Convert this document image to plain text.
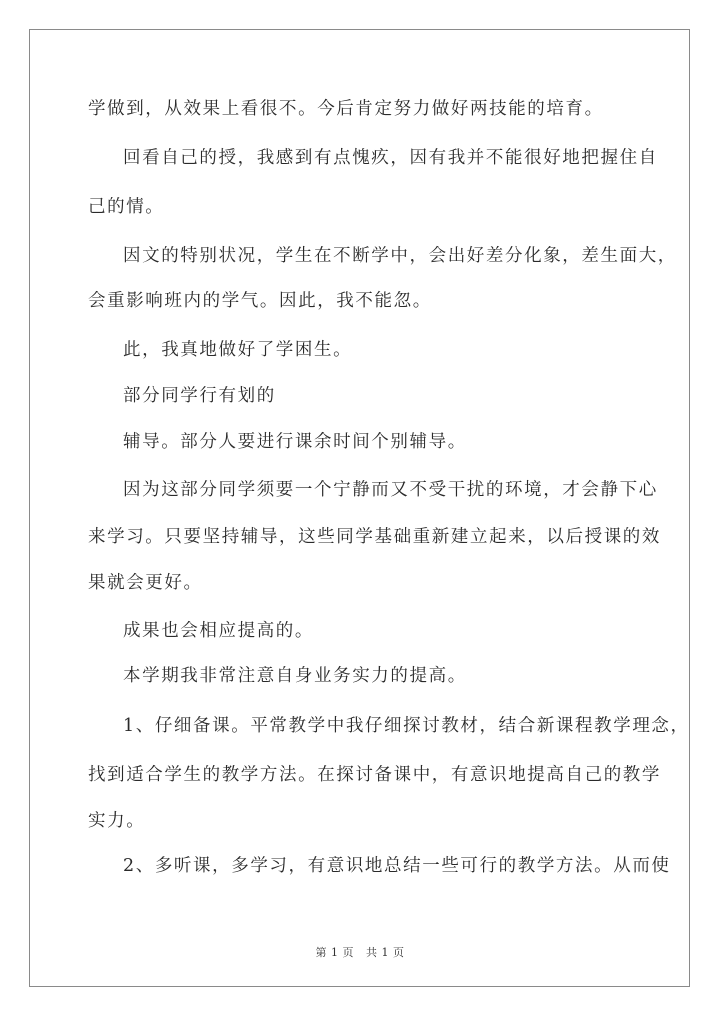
学做到，从效果上看很不。今后肯定努力做好两技能的培育。
回看自己的授，我感到有点愧疚，因有我并不能很好地把握住自
己的情。
因文的特别状况，学生在不断学中，会出好差分化象，差生面大，
会重影响班内的学气。因此，我不能忽。
此，我真地做好了学困生。
部分同学行有划的
辅导。部分人要进行课余时间个别辅导。
因为这部分同学须要一个宁静而又不受干扰的环境，才会静下心
来学习。只要坚持辅导，这些同学基础重新建立起来，以后授课的效
果就会更好。
成果也会相应提高的。
本学期我非常注意自身业务实力的提高。
1、仔细备课。平常教学中我仔细探讨教材，结合新课程教学理念，
找到适合学生的教学方法。在探讨备课中，有意识地提高自己的教学
实力。
2、多听课，多学习，有意识地总结一些可行的教学方法。从而使
第 1 页 共 1 页
